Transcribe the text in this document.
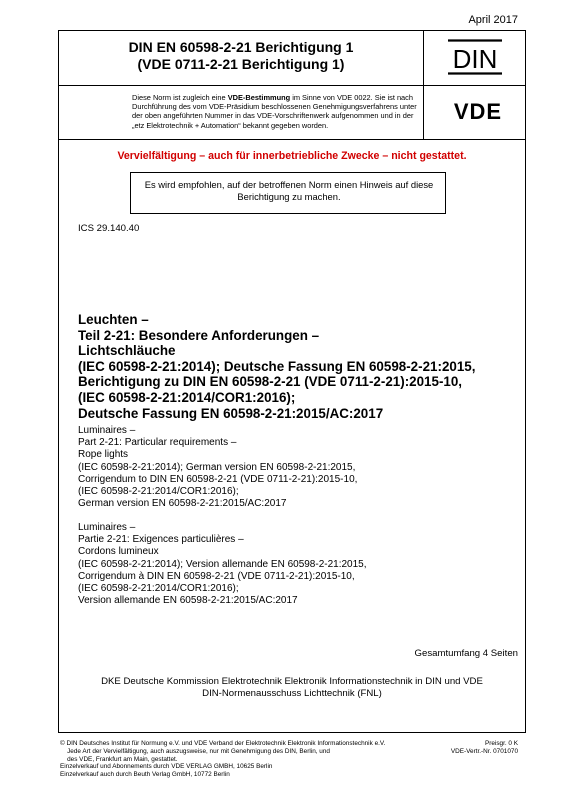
April 2017
DIN EN 60598-2-21 Berichtigung 1
(VDE 0711-2-21 Berichtigung 1)	DIN
Diese Norm ist zugleich eine VDE-Bestimmung im Sinne von VDE 0022. Sie ist nach Durchführung des vom VDE-Präsidium beschlossenen Genehmigungsverfahrens unter der oben angeführten Nummer in das VDE-Vorschriftenwerk aufgenommen und in der „etz Elektrotechnik + Automation“ bekannt gegeben worden.
VDE
Vervielfältigung – auch für innerbetriebliche Zwecke – nicht gestattet.
Es wird empfohlen, auf der betroffenen Norm einen Hinweis auf diese
Berichtigung zu machen.
ICS 29.140.40
Leuchten –
Teil 2-21: Besondere Anforderungen –
Lichtschläuche
(IEC 60598-2-21:2014); Deutsche Fassung EN 60598-2-21:2015,
Berichtigung zu DIN EN 60598-2-21 (VDE 0711-2-21):2015-10,
(IEC 60598-2-21:2014/COR1:2016);
Deutsche Fassung EN 60598-2-21:2015/AC:2017
Luminaires –
Part 2-21: Particular requirements –
Rope lights
(IEC 60598-2-21:2014); German version EN 60598-2-21:2015,
Corrigendum to DIN EN 60598-2-21 (VDE 0711-2-21):2015-10,
(IEC 60598-2-21:2014/COR1:2016);
German version EN 60598-2-21:2015/AC:2017
Luminaires –
Partie 2-21: Exigences particulières –
Cordons lumineux
(IEC 60598-2-21:2014); Version allemande EN 60598-2-21:2015,
Corrigendum à DIN EN 60598-2-21 (VDE 0711-2-21):2015-10,
(IEC 60598-2-21:2014/COR1:2016);
Version allemande EN 60598-2-21:2015/AC:2017
Gesamtumfang 4 Seiten
DKE Deutsche Kommission Elektrotechnik Elektronik Informationstechnik in DIN und VDE
DIN-Normenausschuss Lichttechnik (FNL)
© DIN Deutsches Institut für Normung e.V. und VDE Verband der Elektrotechnik Elektronik Informationstechnik e.V.
Jede Art der Vervielfältigung, auch auszugsweise, nur mit Genehmigung des DIN, Berlin, und
des VDE, Frankfurt am Main, gestattet.
Einzelverkauf und Abonnements durch VDE VERLAG GMBH, 10625 Berlin
Einzelverkauf auch durch Beuth Verlag GmbH, 10772 Berlin
Preisgr. 0 K
VDE-Vertr.-Nr. 0701070
